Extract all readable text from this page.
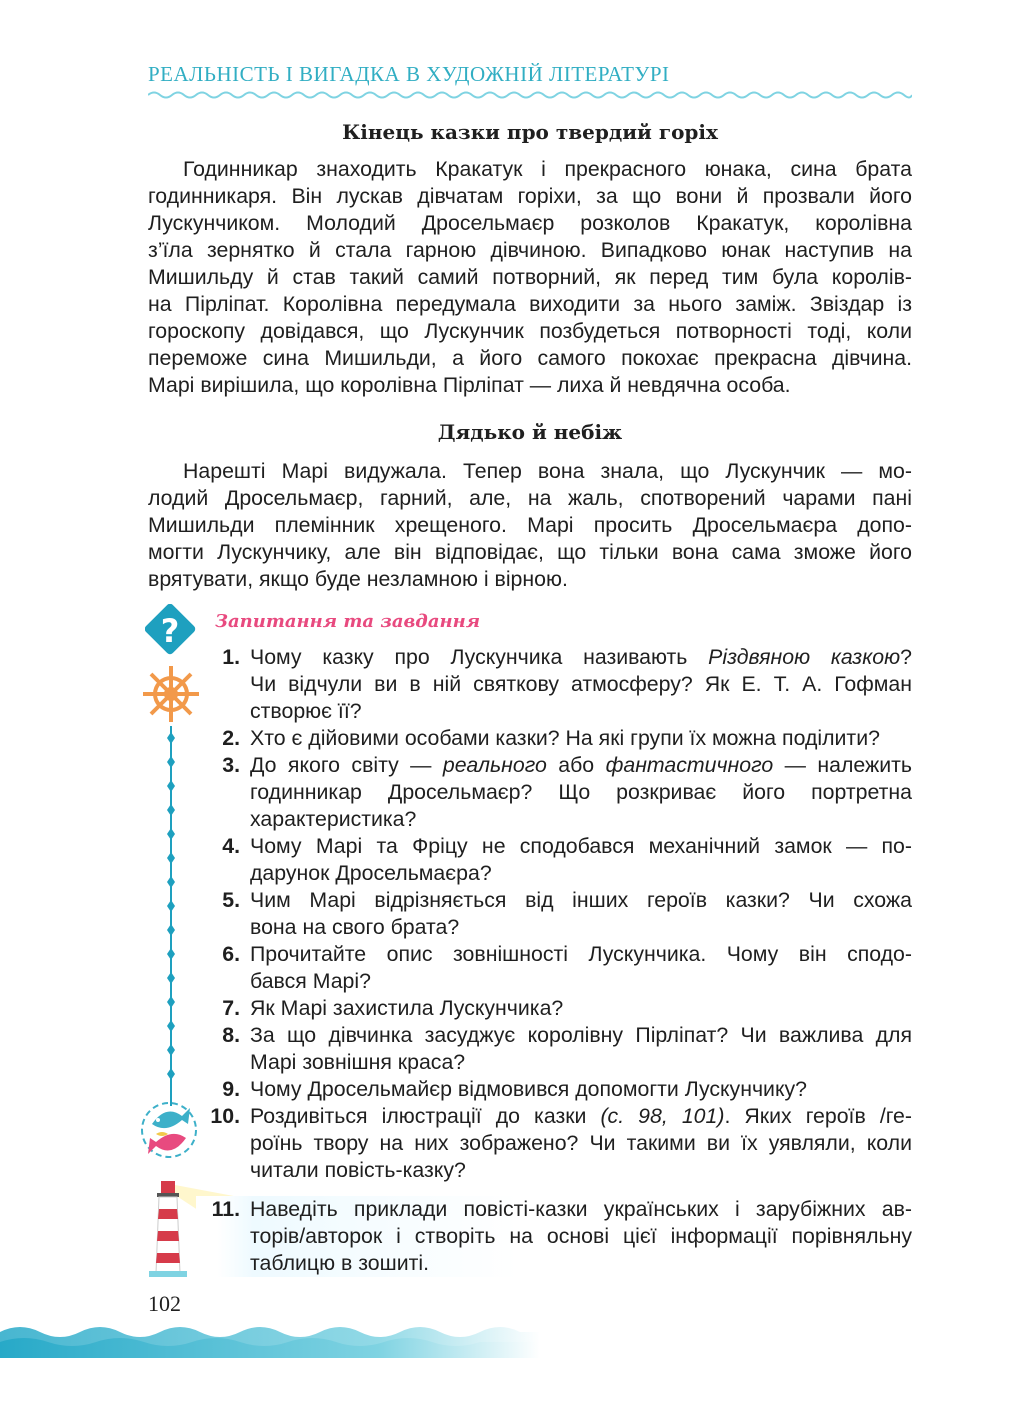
РЕАЛЬНІСТЬ І ВИГАДКА В ХУДОЖНІЙ ЛІТЕРАТУРІ
Кінець казки про твердий горіх
Годинникар знаходить Кракатук і прекрасного юнака, сина брата
годинникаря. Він лускав дівчатам горіхи, за що вони й прозвали його
Лускунчиком. Молодий Дросельмаєр розколов Кракатук, королівна
з’їла зернятко й стала гарною дівчиною. Випадково юнак наступив на
Мишильду й став такий самий потворний, як перед тим була королів-
на Пірліпат. Королівна передумала виходити за нього заміж. Звіздар із
гороскопу довідався, що Лускунчик позбудеться потворності тоді, коли
переможе сина Мишильди, а його самого покохає прекрасна дівчина.
Марі вирішила, що королівна Пірліпат — лиха й невдячна особа.
Дядько й небіж
Нарешті Марі видужала. Тепер вона знала, що Лускунчик — мо-
лодий Дросельмаєр, гарний, але, на жаль, спотворений чарами пані
Мишильди племінник хрещеного. Марі просить Дросельмаєра допо-
могти Лускунчику, але він відповідає, що тільки вона сама зможе його
врятувати, якщо буде незламною і вірною.
? Запитання та завдання
1. Чому казку про Лускунчика називають Різдвяною казкою?
Чи відчули ви в ній святкову атмосферу? Як Е. Т. А. Гофман
створює її?
2. Хто є дійовими особами казки? На які групи їх можна поділити?
3. До якого світу — реального або фантастичного — належить
годинникар Дросельмаєр? Що розкриває його портретна
характеристика?
4. Чому Марі та Фріцу не сподобався механічний замок — по-
дарунок Дросельмаєра?
5. Чим Марі відрізняється від інших героїв казки? Чи схожа
вона на свого брата?
6. Прочитайте опис зовнішності Лускунчика. Чому він сподо-
бався Марі?
7. Як Марі захистила Лускунчика?
8. За що дівчинка засуджує королівну Пірліпат? Чи важлива для
Марі зовнішня краса?
9. Чому Дросельмайєр відмовився допомогти Лускунчику?
10. Роздивіться ілюстрації до казки (с. 98, 101). Яких героїв /ге-
роїнь твору на них зображено? Чи такими ви їх уявляли, коли
читали повість-казку?
11. Наведіть приклади повісті-казки українських і зарубіжних ав-
торів/авторок і створіть на основі цієї інформації порівняльну
таблицю в зошиті.
102
